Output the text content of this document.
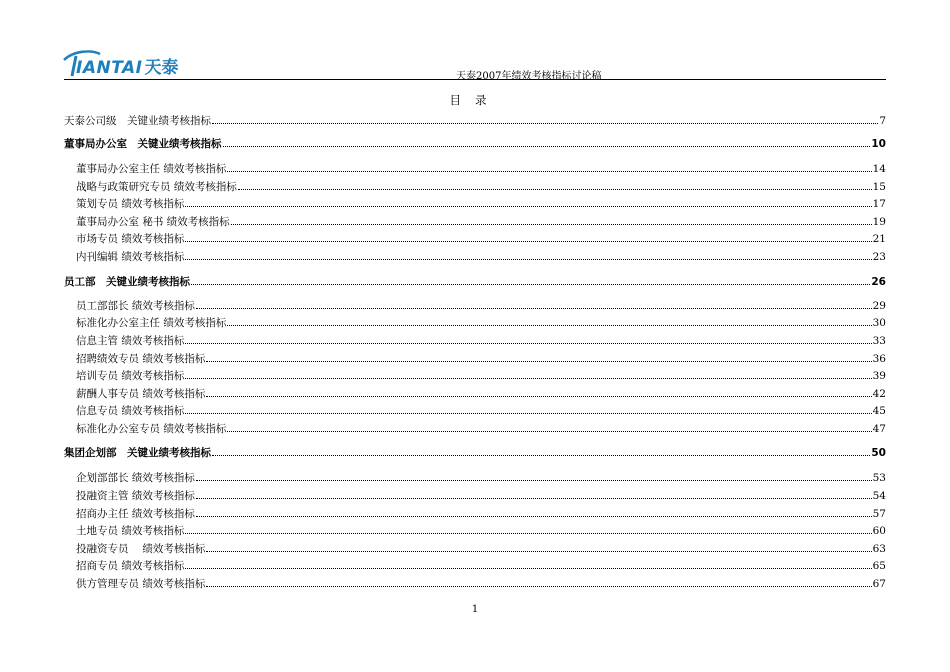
IANTAI 天泰	天泰2007年绩效考核指标讨论稿
目录
天泰公司级　关键业绩考核指标	7
董事局办公室　关键业绩考核指标	10
董事局办公室主任 绩效考核指标	14
战略与政策研究专员 绩效考核指标	15
策划专员 绩效考核指标	17
董事局办公室 秘书 绩效考核指标	19
市场专员 绩效考核指标	21
内刊编辑 绩效考核指标	23
员工部　关键业绩考核指标	26
员工部部长 绩效考核指标	29
标准化办公室主任 绩效考核指标	30
信息主管 绩效考核指标	33
招聘绩效专员 绩效考核指标	36
培训专员 绩效考核指标	39
薪酬人事专员 绩效考核指标	42
信息专员 绩效考核指标	45
标准化办公室专员 绩效考核指标	47
集团企划部　关键业绩考核指标	50
企划部部长 绩效考核指标	53
投融资主管 绩效考核指标	54
招商办主任 绩效考核指标	57
土地专员 绩效考核指标	60
投融资专员　 绩效考核指标	63
招商专员 绩效考核指标	65
供方管理专员 绩效考核指标	67
1
